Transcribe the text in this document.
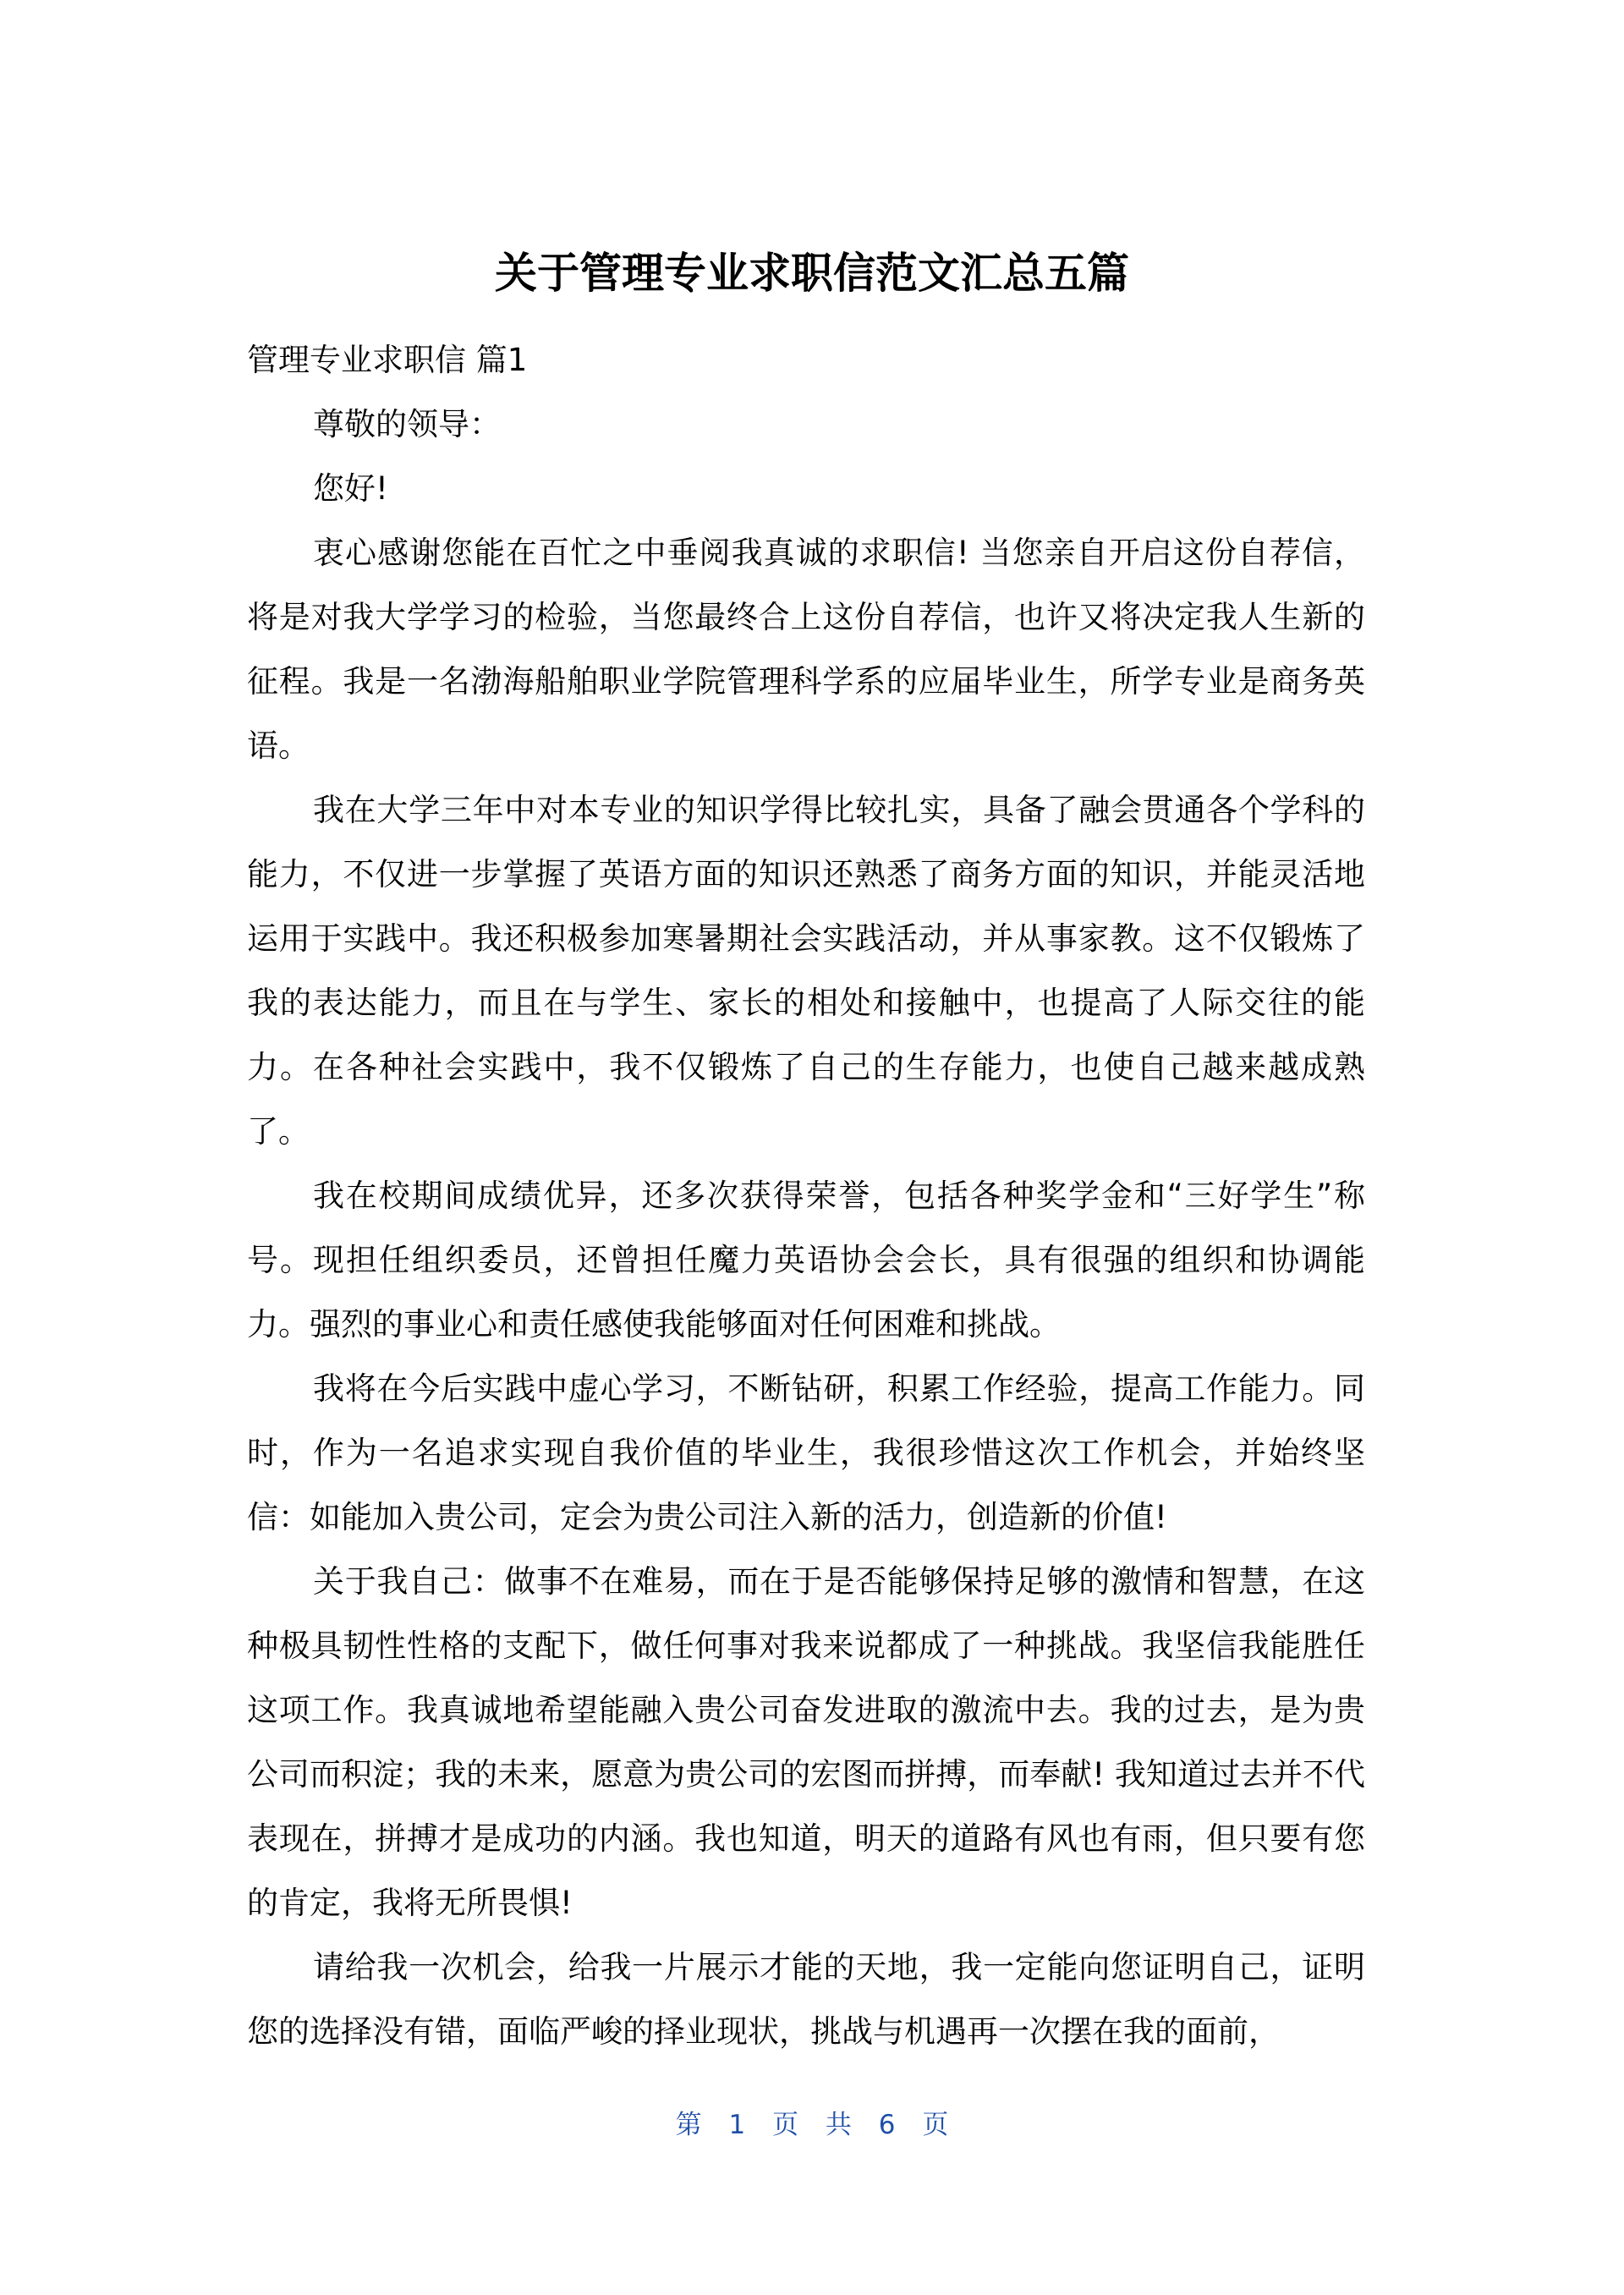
关于管理专业求职信范文汇总五篇

管理专业求职信 篇1

尊敬的领导：

您好!

衷心感谢您能在百忙之中垂阅我真诚的求职信! 当您亲自开启这份自荐信，将是对我大学学习的检验，当您最终合上这份自荐信，也许又将决定我人生新的征程。我是一名渤海船舶职业学院管理科学系的应届毕业生，所学专业是商务英语。

我在大学三年中对本专业的知识学得比较扎实，具备了融会贯通各个学科的能力，不仅进一步掌握了英语方面的知识还熟悉了商务方面的知识，并能灵活地运用于实践中。我还积极参加寒暑期社会实践活动，并从事家教。这不仅锻炼了我的表达能力，而且在与学生、家长的相处和接触中，也提高了人际交往的能力。在各种社会实践中，我不仅锻炼了自己的生存能力，也使自己越来越成熟了。

我在校期间成绩优异，还多次获得荣誉，包括各种奖学金和“三好学生”称号。现担任组织委员，还曾担任魔力英语协会会长，具有很强的组织和协调能力。强烈的事业心和责任感使我能够面对任何困难和挑战。

我将在今后实践中虚心学习，不断钻研，积累工作经验，提高工作能力。同时，作为一名追求实现自我价值的毕业生，我很珍惜这次工作机会，并始终坚信：如能加入贵公司，定会为贵公司注入新的活力，创造新的价值!

关于我自己：做事不在难易，而在于是否能够保持足够的激情和智慧，在这种极具韧性性格的支配下，做任何事对我来说都成了一种挑战。我坚信我能胜任这项工作。我真诚地希望能融入贵公司奋发进取的激流中去。我的过去，是为贵公司而积淀；我的未来，愿意为贵公司的宏图而拼搏，而奉献! 我知道过去并不代表现在，拼搏才是成功的内涵。我也知道，明天的道路有风也有雨，但只要有您的肯定，我将无所畏惧!

请给我一次机会，给我一片展示才能的天地，我一定能向您证明自己，证明您的选择没有错，面临严峻的择业现状，挑战与机遇再一次摆在我的面前，

第 1 页 共 6 页
